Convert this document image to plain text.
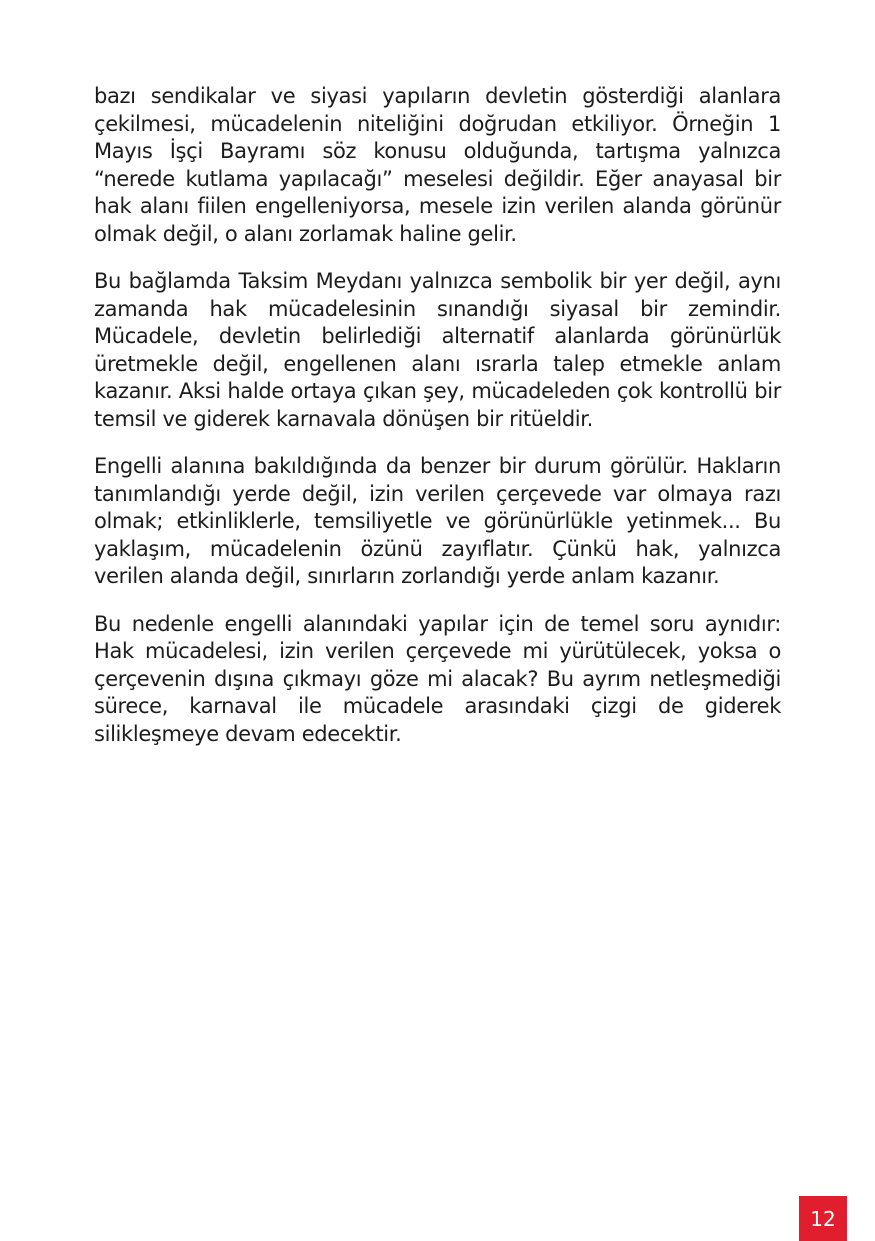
bazı sendikalar ve siyasi yapıların devletin gösterdiği alanlara çekilmesi, mücadelenin niteliğini doğrudan etkiliyor. Örneğin 1 Mayıs İşçi Bayramı söz konusu olduğunda, tartışma yalnızca “nerede kutlama yapılacağı” meselesi değildir. Eğer anayasal bir hak alanı fiilen engelleniyorsa, mesele izin verilen alanda görünür olmak değil, o alanı zorlamak haline gelir.

Bu bağlamda Taksim Meydanı yalnızca sembolik bir yer değil, aynı zamanda hak mücadelesinin sınandığı siyasal bir zemindir. Mücadele, devletin belirlediği alternatif alanlarda görünürlük üretmekle değil, engellenen alanı ısrarla talep etmekle anlam kazanır. Aksi halde ortaya çıkan şey, mücadeleden çok kontrollü bir temsil ve giderek karnavala dönüşen bir ritüeldir.

Engelli alanına bakıldığında da benzer bir durum görülür. Hakların tanımlandığı yerde değil, izin verilen çerçevede var olmaya razı olmak; etkinliklerle, temsiliyetle ve görünürlükle yetinmek... Bu yaklaşım, mücadelenin özünü zayıflatır. Çünkü hak, yalnızca verilen alanda değil, sınırların zorlandığı yerde anlam kazanır.

Bu nedenle engelli alanındaki yapılar için de temel soru aynıdır: Hak mücadelesi, izin verilen çerçevede mi yürütülecek, yoksa o çerçevenin dışına çıkmayı göze mi alacak? Bu ayrım netleşmediği sürece, karnaval ile mücadele arasındaki çizgi de giderek silikleşmeye devam edecektir.

12
